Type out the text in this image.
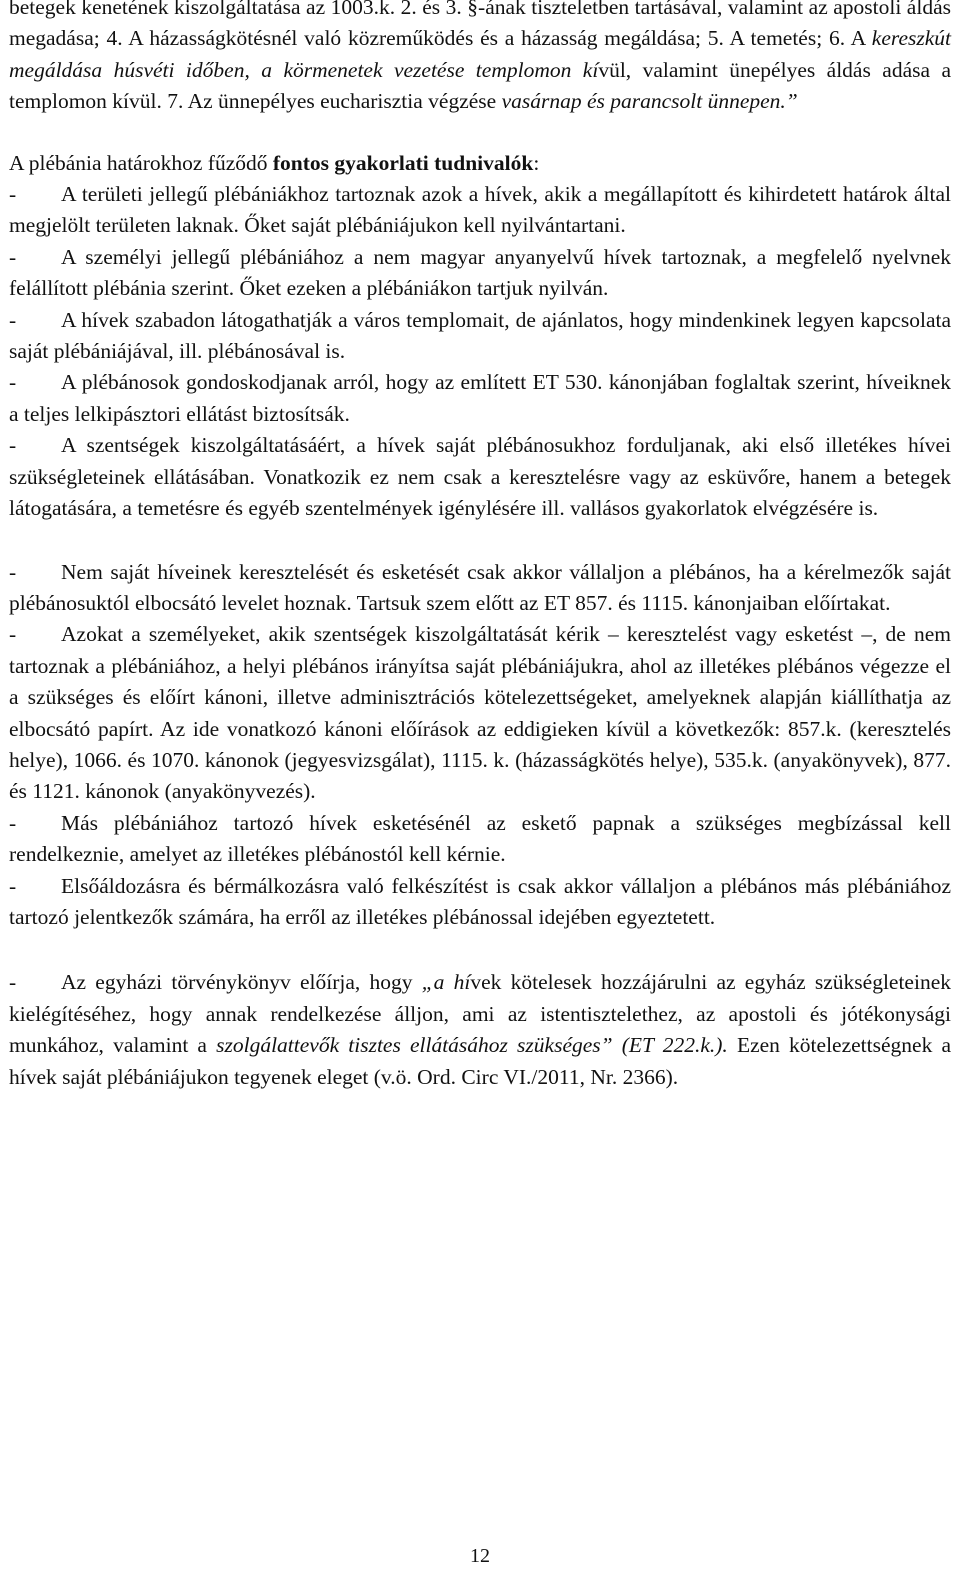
betegek kenetének kiszolgáltatása az 1003.k. 2. és 3. §-ának tiszteletben tartásával, valamint az apostoli áldás megadása; 4. A házasságkötésnél való közreműködés és a házasság megáldása; 5. A temetés; 6. A kereszkút megáldása húsvéti időben, a körmenetek vezetése templomon kívül, valamint ünepélyes áldás adása a templomon kívül. 7. Az ünnepélyes eucharisztia végzése vasárnap és parancsolt ünnepen.”

A plébánia határokhoz fűződő fontos gyakorlati tudnivalók:

- A területi jellegű plébániákhoz tartoznak azok a hívek, akik a megállapított és kihirdetett határok által megjelölt területen laknak. Őket saját plébániájukon kell nyilvántartani.

- A személyi jellegű plébániához a nem magyar anyanyelvű hívek tartoznak, a megfelelő nyelvnek felállított plébánia szerint. Őket ezeken a plébániákon tartjuk nyilván.

- A hívek szabadon látogathatják a város templomait, de ajánlatos, hogy mindenkinek legyen kapcsolata saját plébániájával, ill. plébánosával is.

- A plébánosok gondoskodjanak arról, hogy az említett ET 530. kánonjában foglaltak szerint, híveiknek a teljes lelkipásztori ellátást biztosítsák.

- A szentségek kiszolgáltatásáért, a hívek saját plébánosukhoz forduljanak, aki első illetékes hívei szükségleteinek ellátásában. Vonatkozik ez nem csak a keresztelésre vagy az esküvőre, hanem a betegek látogatására, a temetésre és egyéb szentelmények igénylésére ill. vallásos gyakorlatok elvégzésére is.

- Nem saját híveinek keresztelését és esketését csak akkor vállaljon a plébános, ha a kérelmezők saját plébánosuktól elbocsátó levelet hoznak. Tartsuk szem előtt az ET 857. és 1115. kánonjaiban előírtakat.

- Azokat a személyeket, akik szentségek kiszolgáltatását kérik – keresztelést vagy esketést –, de nem tartoznak a plébániához, a helyi plébános irányítsa saját plébániájukra, ahol az illetékes plébános végezze el a szükséges és előírt kánoni, illetve adminisztrációs kötelezettségeket, amelyeknek alapján kiállíthatja az elbocsátó papírt. Az ide vonatkozó kánoni előírások az eddigieken kívül a következők: 857.k. (keresztelés helye), 1066. és 1070. kánonok (jegyesvizsgálat), 1115. k. (házasságkötés helye), 535.k. (anyakönyvek), 877. és 1121. kánonok (anyakönyvezés).

- Más plébániához tartozó hívek esketésénél az eskető papnak a szükséges megbízással kell rendelkeznie, amelyet az illetékes plébánostól kell kérnie.

- Elsőáldozásra és bérmálkozásra való felkészítést is csak akkor vállaljon a plébános más plébániához tartozó jelentkezők számára, ha erről az illetékes plébánossal idejében egyeztetett.

- Az egyházi törvénykönyv előírja, hogy „a hívek kötelesek hozzájárulni az egyház szükségleteinek kielégítéséhez, hogy annak rendelkezése álljon, ami az istentisztelethez, az apostoli és jótékonysági munkához, valamint a szolgálattevők tisztes ellátásához szükséges” (ET 222.k.). Ezen kötelezettségnek a hívek saját plébániájukon tegyenek eleget (v.ö. Ord. Circ VI./2011, Nr. 2366).

12
